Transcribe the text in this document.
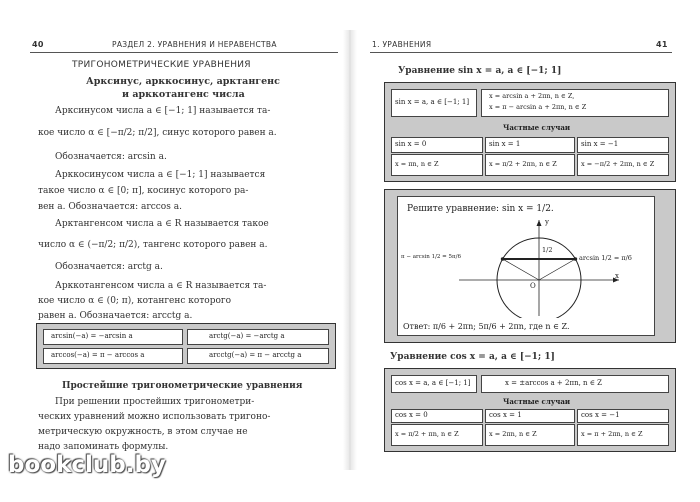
40	РАЗДЕЛ 2. УРАВНЕНИЯ И НЕРАВЕНСТВА
ТРИГОНОМЕТРИЧЕСКИЕ УРАВНЕНИЯ
Арксинус, арккосинус, арктангенс
и арккотангенс числа
Арксинусом числа a ∈ [−1; 1] называется та-
кое число α ∈ [−π/2; π/2], синус которого равен a.
Обозначается: arcsin a.
Арккосинусом числа a ∈ [−1; 1] называется
такое число α ∈ [0; π], косинус которого ра-
вен a. Обозначается: arccos a.
Арктангенсом числа a ∈ R называется такое
число α ∈ (−π/2; π/2), тангенс которого равен a.
Обозначается: arctg a.
Арккотангенсом числа a ∈ R называется та-
кое число α ∈ (0; π), котангенс которого
равен a. Обозначается: arcctg a.
arcsin(−a) = −arcsin a	arctg(−a) = −arctg a
arccos(−a) = π − arccos a	arcctg(−a) = π − arcctg a
Простейшие тригонометрические уравнения
При решении простейших тригонометри-
ческих уравнений можно использовать тригоно-
метрическую окружность, в этом случае не
надо запоминать формулы.
1. УРАВНЕНИЯ	41
Уравнение sin x = a, a ∈ [−1; 1]
sin x = a, a ∈ [−1; 1]
x = arcsin a + 2πn, n ∈ Z,
x = π − arcsin a + 2πn, n ∈ Z
Частные случаи
sin x = 0	sin x = 1	sin x = −1
x = πn, n ∈ Z	x = π/2 + 2πn, n ∈ Z	x = −π/2 + 2πn, n ∈ Z
Решите уравнение: sin x = 1/2.
π − arcsin 1/2 = 5π/6	arcsin 1/2 = π/6
1/2
y
x
O
Ответ: π/6 + 2πn; 5π/6 + 2πn, где n ∈ Z.
Уравнение cos x = a, a ∈ [−1; 1]
cos x = a, a ∈ [−1; 1]	x = ±arccos a + 2πn, n ∈ Z
Частные случаи
cos x = 0	cos x = 1	cos x = −1
x = π/2 + πn, n ∈ Z	x = 2πn, n ∈ Z	x = π + 2πn, n ∈ Z
bookclub.by
